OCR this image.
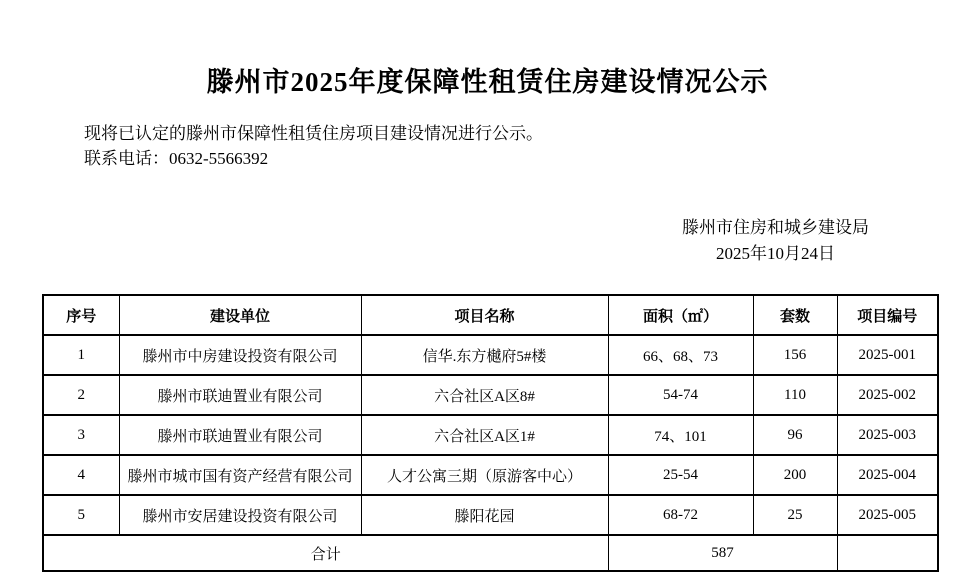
滕州市2025年度保障性租赁住房建设情况公示
现将已认定的滕州市保障性租赁住房项目建设情况进行公示。
联系电话：0632-5566392
滕州市住房和城乡建设局
2025年10月24日
序号	建设单位	项目名称	面积（㎡）	套数	项目编号
1	滕州市中房建设投资有限公司	信华.东方樾府5#楼	66、68、73	156	2025-001
2	滕州市联迪置业有限公司	六合社区A区8#	54-74	110	2025-002
3	滕州市联迪置业有限公司	六合社区A区1#	74、101	96	2025-003
4	滕州市城市国有资产经营有限公司	人才公寓三期（原游客中心）	25-54	200	2025-004
5	滕州市安居建设投资有限公司	滕阳花园	68-72	25	2025-005
合计			587		
